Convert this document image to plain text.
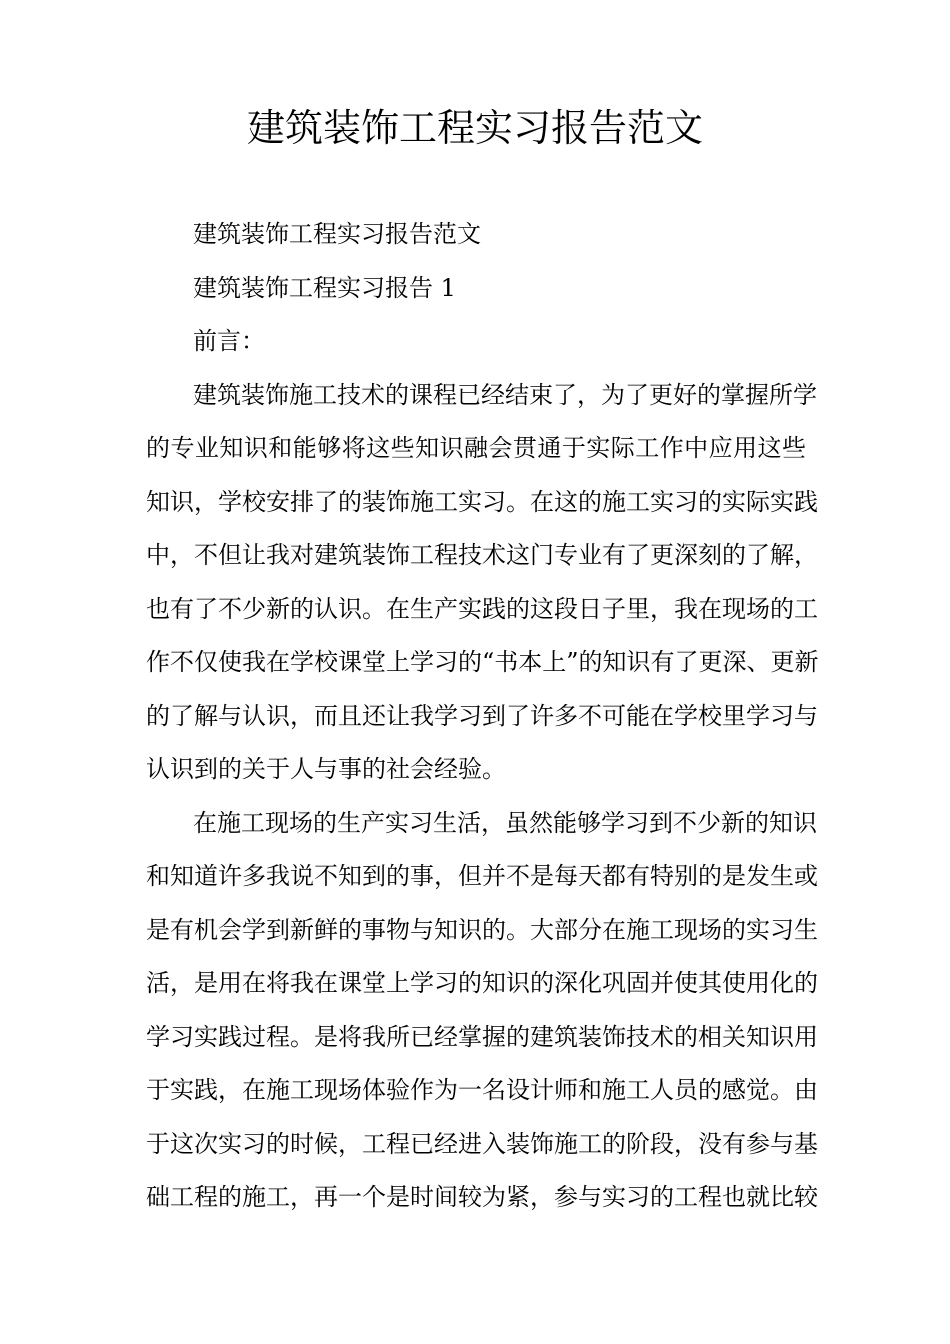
建筑装饰工程实习报告范文
建筑装饰工程实习报告范文
建筑装饰工程实习报告 1
前言：
建筑装饰施工技术的课程已经结束了，为了更好的掌握所学
的专业知识和能够将这些知识融会贯通于实际工作中应用这些
知识，学校安排了的装饰施工实习。在这的施工实习的实际实践
中，不但让我对建筑装饰工程技术这门专业有了更深刻的了解，
也有了不少新的认识。在生产实践的这段日子里，我在现场的工
作不仅使我在学校课堂上学习的“书本上”的知识有了更深、更新
的了解与认识，而且还让我学习到了许多不可能在学校里学习与
认识到的关于人与事的社会经验。
在施工现场的生产实习生活，虽然能够学习到不少新的知识
和知道许多我说不知到的事，但并不是每天都有特别的是发生或
是有机会学到新鲜的事物与知识的。大部分在施工现场的实习生
活，是用在将我在课堂上学习的知识的深化巩固并使其使用化的
学习实践过程。是将我所已经掌握的建筑装饰技术的相关知识用
于实践，在施工现场体验作为一名设计师和施工人员的感觉。由
于这次实习的时候，工程已经进入装饰施工的阶段，没有参与基
础工程的施工，再一个是时间较为紧，参与实习的工程也就比较
